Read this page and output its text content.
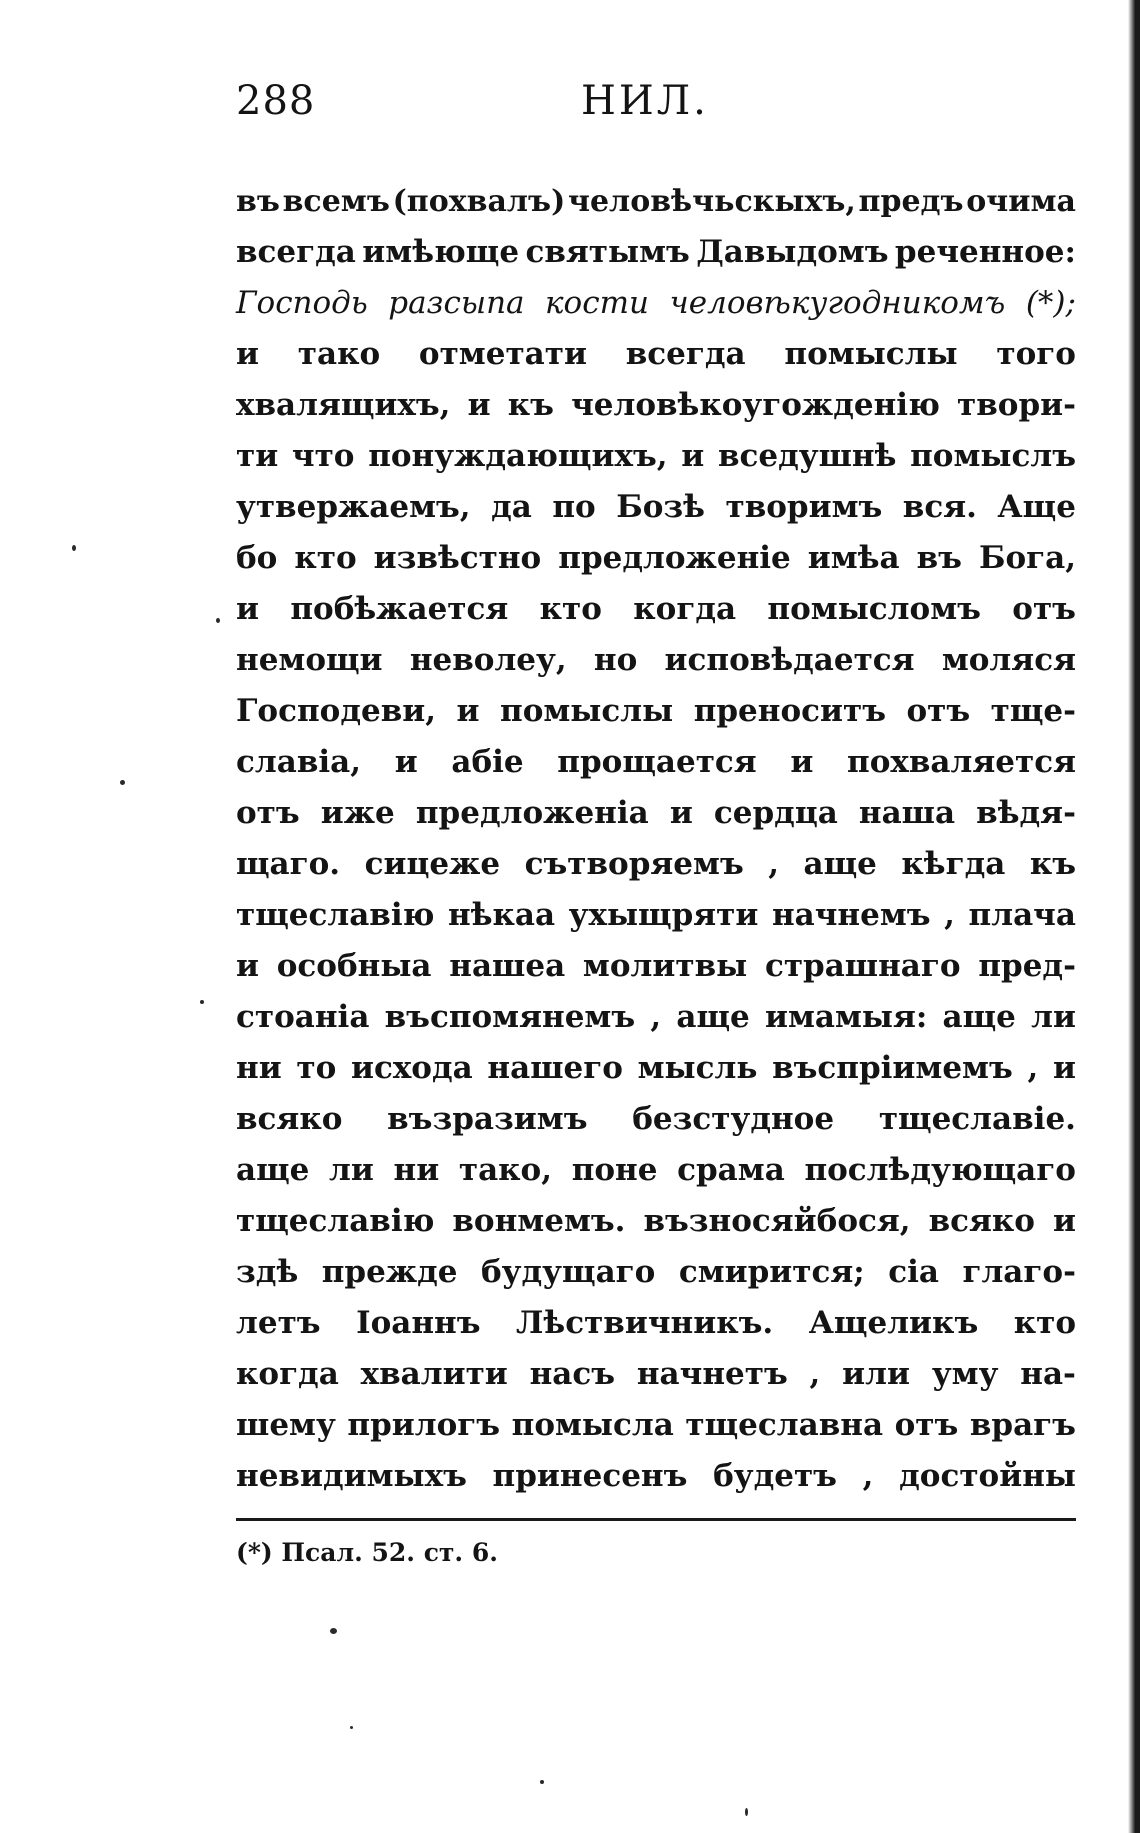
288	НИЛ.
въ всемъ (похвалъ) человѣчьскыхъ, предъ очима
всегда имѣюще святымъ Давыдомъ реченное:
Господь разсыпа кости человѣкугодникомъ (*);
и тако отметати всегда помыслы того
хвалящихъ, и къ человѣкоугожденію твори-
ти что понуждающихъ, и вседушнѣ помыслъ
утвержаемъ, да по Бозѣ творимъ вся. Аще
бо кто извѣстно предложеніе имѣа въ Бога,
и побѣжается кто когда помысломъ отъ
немощи неволеу, но исповѣдается моляся
Господеви, и помыслы преноситъ отъ тще-
славіа, и абіе прощается и похваляется
отъ иже предложеніа и сердца наша вѣдя-
щаго. сицеже сътворяемъ , аще кѣгда къ
тщеславію нѣкаа ухыщряти начнемъ , плача
и особныа нашеа молитвы страшнаго пред-
стоаніа въспомянемъ , аще имамыя: аще ли
ни то исхода нашего мысль въспріимемъ , и
всяко възразимъ безстудное тщеславіе.
аще ли ни тако, поне срама послѣдующаго
тщеславію вонмемъ. възносяйбося, всяко и
здѣ прежде будущаго смирится; сіа глаго-
летъ Іоаннъ Лѣствичникъ. Ащеликъ кто
когда хвалити насъ начнетъ , или уму на-
шему прилогъ помысла тщеславна отъ врагъ
невидимыхъ принесенъ будетъ , достойны
(*) Псал. 52. ст. 6.
